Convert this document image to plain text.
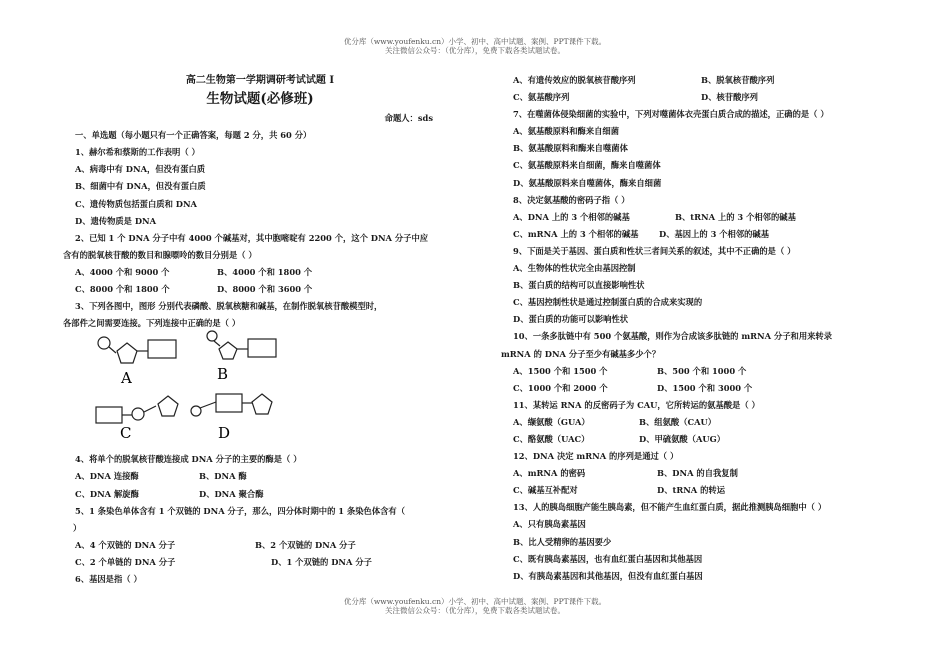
优分库（www.youfenku.cn）小学、初中、高中试题、案例、PPT课件下载。
关注微信公众号：（优分库），免费下载各类试题试卷。
高二生物第一学期调研考试试题 I
生物试题(必修班)
命题人：sds
一、单选题（每小题只有一个正确答案，每题 2 分，共 60 分）
1、赫尔希和蔡斯的工作表明（ ）
A、病毒中有 DNA，但没有蛋白质
B、细菌中有 DNA，但没有蛋白质
C、遗传物质包括蛋白质和 DNA
D、遗传物质是 DNA
2、已知 1 个 DNA 分子中有 4000 个碱基对，其中胞嘧啶有 2200 个，这个 DNA 分子中应
含有的脱氧核苷酸的数目和腺嘌呤的数目分别是（ ）
A、4000 个和 9000 个	B、4000 个和 1800 个
C、8000 个和 1800 个	D、8000 个和 3600 个
3、下列各图中，图形 分别代表磷酸、脱氧核糖和碱基，在制作脱氧核苷酸模型时，
各部件之间需要连接。下列连接中正确的是（ ）
4、将单个的脱氧核苷酸连接成 DNA 分子的主要的酶是（ ）
A、DNA 连接酶	B、DNA 酶
C、DNA 解旋酶	D、DNA 聚合酶
5、1 条染色单体含有 1 个双链的 DNA 分子，那么，四分体时期中的 1 条染色体含有（
）
A、4 个双链的 DNA 分子	B、2 个双链的 DNA 分子
C、2 个单链的 DNA 分子	D、1 个双链的 DNA 分子
6、基因是指（ ）
A	B
C	D
A、有遗传效应的脱氧核苷酸序列	B、脱氧核苷酸序列
C、氨基酸序列	D、核苷酸序列
7、在噬菌体侵染细菌的实验中，下列对噬菌体衣壳蛋白质合成的描述，正确的是（ ）
A、氨基酸原料和酶来自细菌
B、氨基酸原料和酶来自噬菌体
C、氨基酸原料来自细菌，酶来自噬菌体
D、氨基酸原料来自噬菌体，酶来自细菌
8、决定氨基酸的密码子指（ ）
A、DNA 上的 3 个相邻的碱基	B、tRNA 上的 3 个相邻的碱基
C、mRNA 上的 3 个相邻的碱基 D、基因上的 3 个相邻的碱基
9、下面是关于基因、蛋白质和性状三者间关系的叙述，其中不正确的是（ ）
A、生物体的性状完全由基因控制
B、蛋白质的结构可以直接影响性状
C、基因控制性状是通过控制蛋白质的合成来实现的
D、蛋白质的功能可以影响性状
10、一条多肽链中有 500 个氨基酸，则作为合成该多肽链的 mRNA 分子和用来转录
mRNA 的 DNA 分子至少有碱基多少个？
A、1500 个和 1500 个	B、500 个和 1000 个
C、1000 个和 2000 个	D、1500 个和 3000 个
11、某转运 RNA 的反密码子为 CAU，它所转运的氨基酸是（ ）
A、缬氨酸（GUA）	B、组氨酸（CAU）
C、酪氨酸（UAC）	D、甲硫氨酸（AUG）
12、DNA 决定 mRNA 的序列是通过（ ）
A、mRNA 的密码	B、DNA 的自我复制
C、碱基互补配对	D、tRNA 的转运
13、人的胰岛细胞产能生胰岛素，但不能产生血红蛋白质，据此推测胰岛细胞中（ ）
A、只有胰岛素基因
B、比人受精卵的基因要少
C、既有胰岛素基因，也有血红蛋白基因和其他基因
D、有胰岛素基因和其他基因，但没有血红蛋白基因
优分库（www.youfenku.cn）小学、初中、高中试题、案例、PPT课件下载。
关注微信公众号：（优分库），免费下载各类试题试卷。
